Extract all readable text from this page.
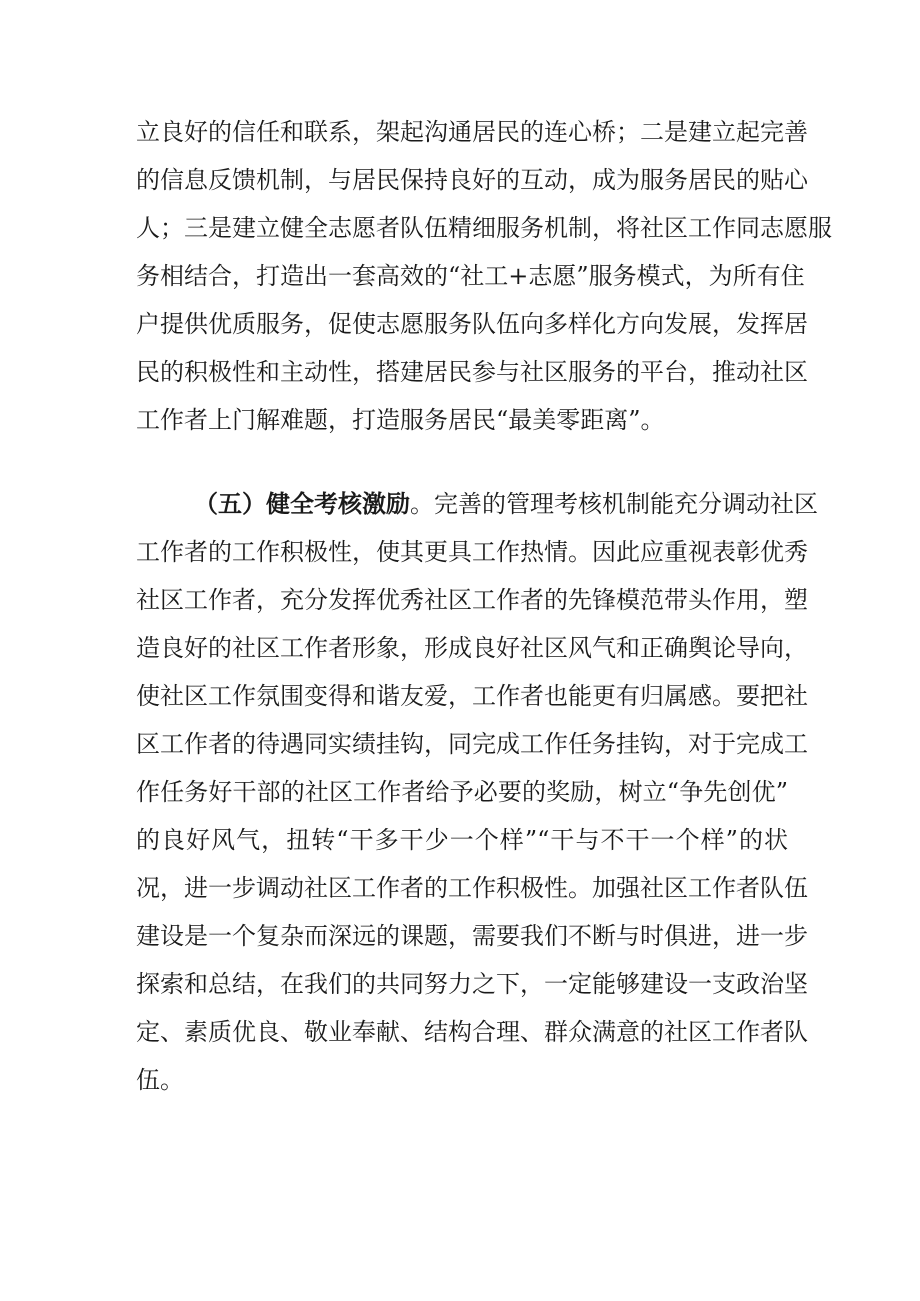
立良好的信任和联系，架起沟通居民的连心桥；二是建立起完善
的信息反馈机制，与居民保持良好的互动，成为服务居民的贴心
人；三是建立健全志愿者队伍精细服务机制，将社区工作同志愿服
务相结合，打造出一套高效的“社工+志愿”服务模式，为所有住
户提供优质服务，促使志愿服务队伍向多样化方向发展，发挥居
民的积极性和主动性，搭建居民参与社区服务的平台，推动社区
工作者上门解难题，打造服务居民“最美零距离”。
（五）健全考核激励。完善的管理考核机制能充分调动社区
工作者的工作积极性，使其更具工作热情。因此应重视表彰优秀
社区工作者，充分发挥优秀社区工作者的先锋模范带头作用，塑
造良好的社区工作者形象，形成良好社区风气和正确舆论导向，
使社区工作氛围变得和谐友爱，工作者也能更有归属感。要把社
区工作者的待遇同实绩挂钩，同完成工作任务挂钩，对于完成工
作任务好干部的社区工作者给予必要的奖励，树立“争先创优”
的良好风气，扭转“干多干少一个样”“干与不干一个样”的状
况，进一步调动社区工作者的工作积极性。加强社区工作者队伍
建设是一个复杂而深远的课题，需要我们不断与时俱进，进一步
探索和总结，在我们的共同努力之下，一定能够建设一支政治坚
定、素质优良、敬业奉献、结构合理、群众满意的社区工作者队
伍。
